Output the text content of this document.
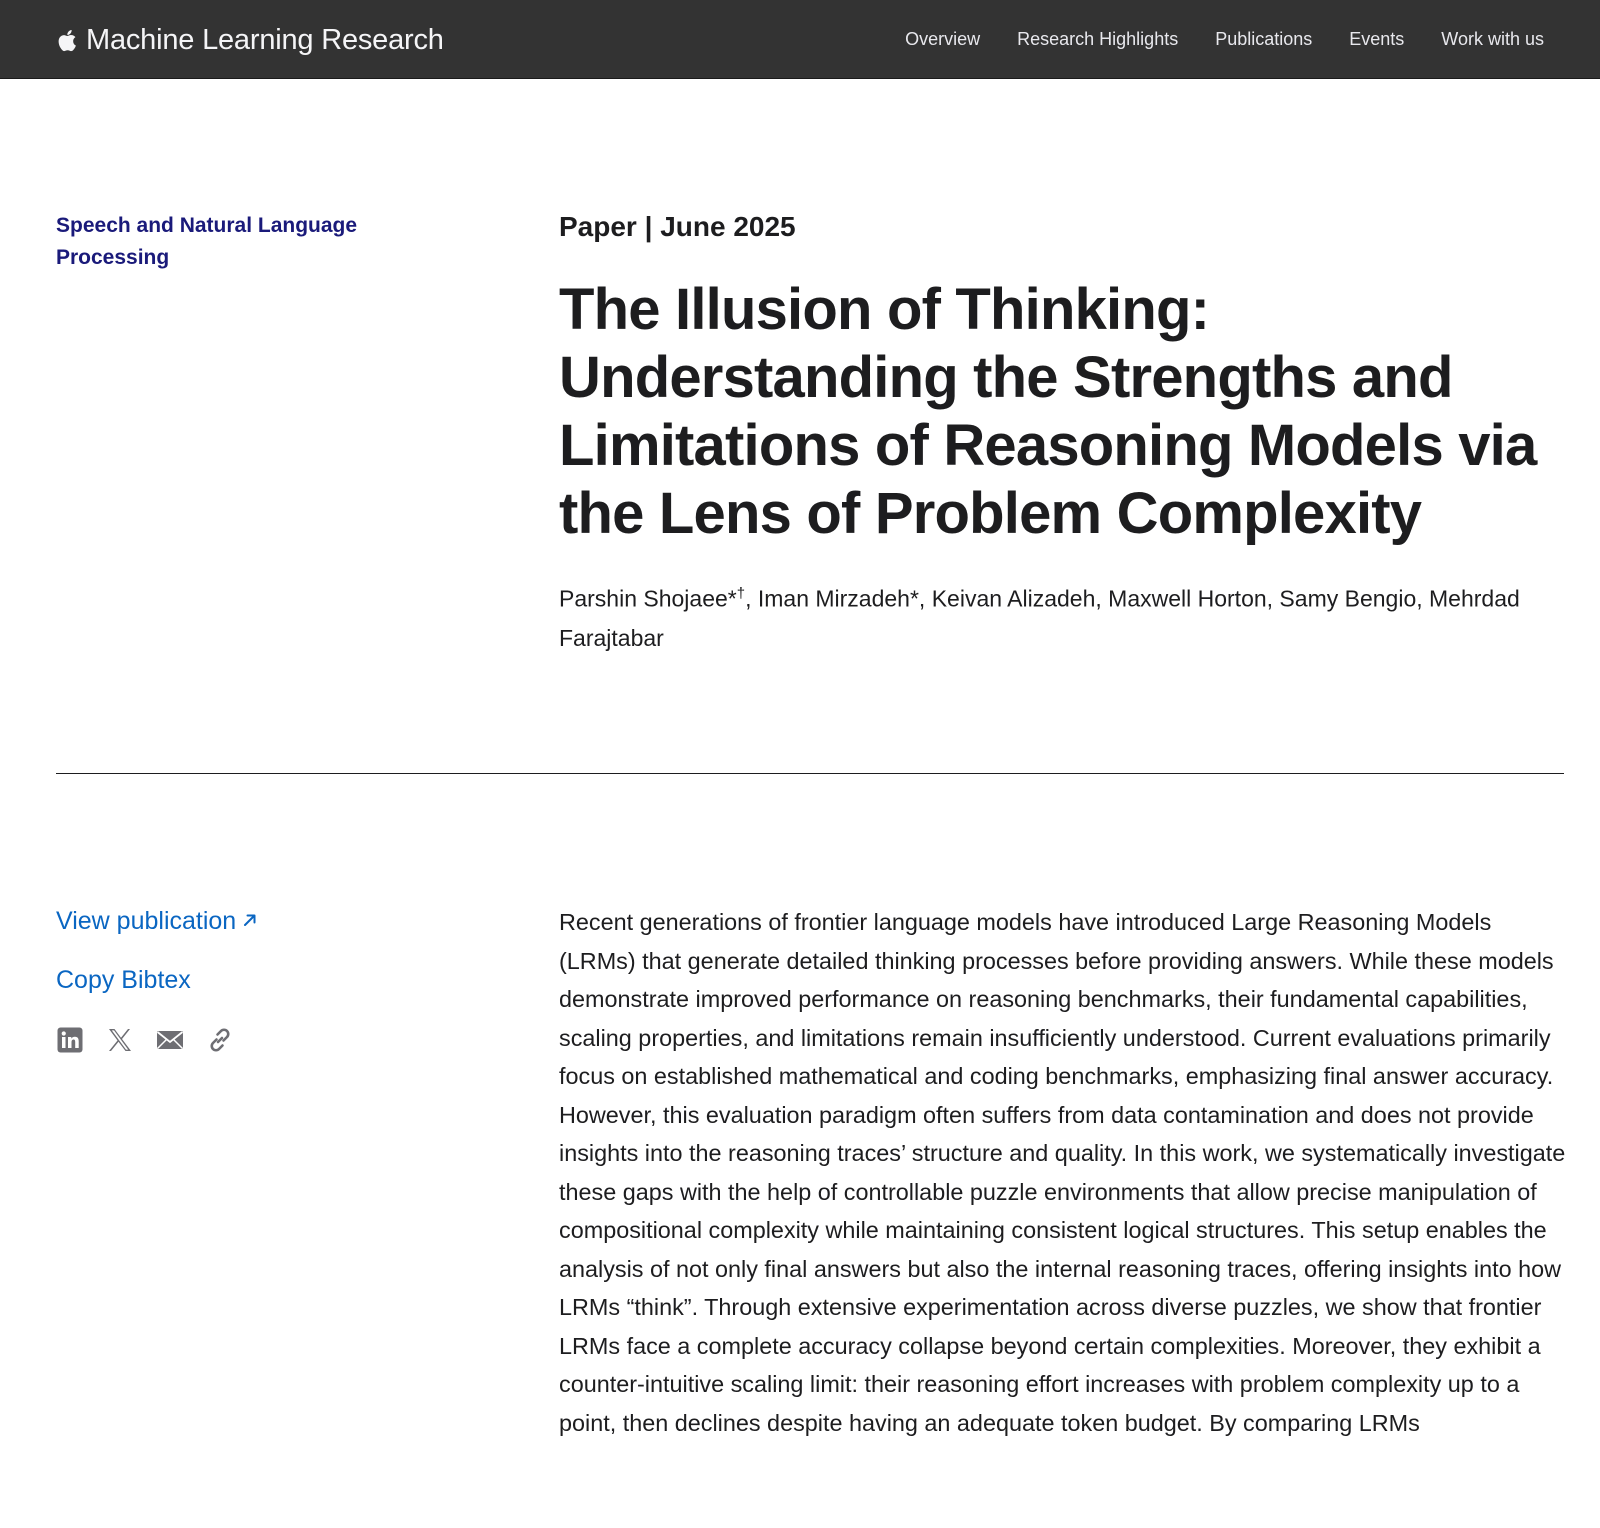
Machine Learning Research	Overview Research Highlights Publications Events Work with us
Speech and Natural Language Processing
Paper | June 2025
The Illusion of Thinking: Understanding the Strengths and Limitations of Reasoning Models via the Lens of Problem Complexity

Parshin Shojaee*†, Iman Mirzadeh*, Keivan Alizadeh, Maxwell Horton, Samy Bengio, Mehrdad Farajtabar

View publication
Copy Bibtex

Recent generations of frontier language models have introduced Large Reasoning Models (LRMs) that generate detailed thinking processes before providing answers. While these models demonstrate improved performance on reasoning benchmarks, their fundamental capabilities, scaling properties, and limitations remain insufficiently understood. Current evaluations primarily focus on established mathematical and coding benchmarks, emphasizing final answer accuracy. However, this evaluation paradigm often suffers from data contamination and does not provide insights into the reasoning traces’ structure and quality. In this work, we systematically investigate these gaps with the help of controllable puzzle environments that allow precise manipulation of compositional complexity while maintaining consistent logical structures. This setup enables the analysis of not only final answers but also the internal reasoning traces, offering insights into how LRMs “think”. Through extensive experimentation across diverse puzzles, we show that frontier LRMs face a complete accuracy collapse beyond certain complexities. Moreover, they exhibit a counter-intuitive scaling limit: their reasoning effort increases with problem complexity up to a point, then declines despite having an adequate token budget. By comparing LRMs
